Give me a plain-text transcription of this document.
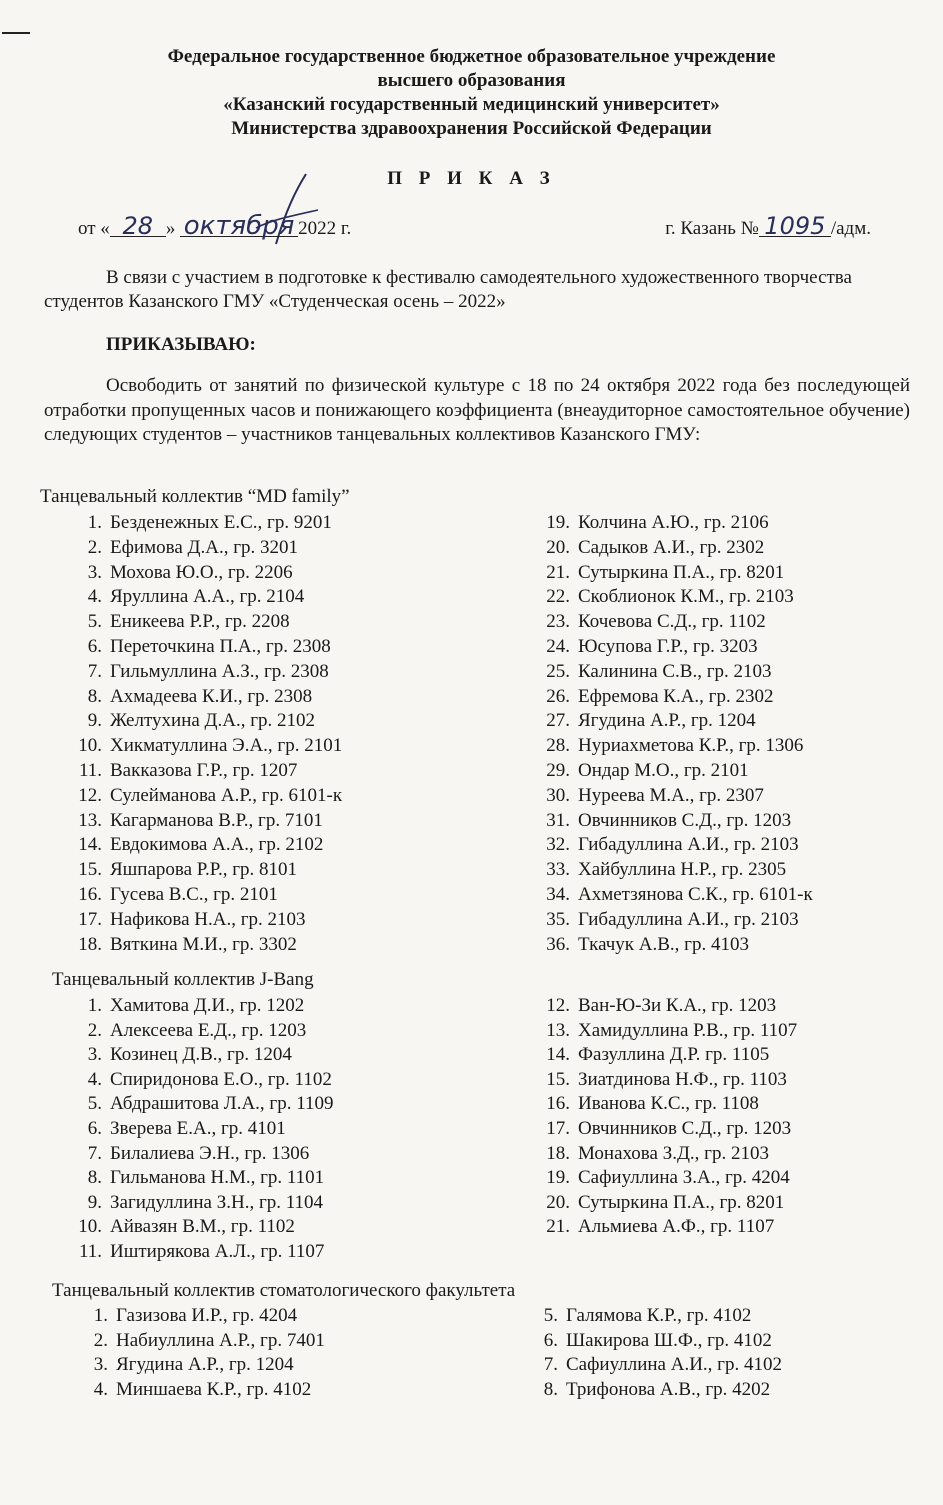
Федеральное государственное бюджетное образовательное учреждение
высшего образования
«Казанский государственный медицинский университет»
Министерства здравоохранения Российской Федерации
П Р И К А З
от « 28 » октября 2022 г.	г. Казань № 1095 /адм.

В связи с участием в подготовке к фестивалю самодеятельного художественного творчества студентов Казанского ГМУ «Студенческая осень – 2022»

ПРИКАЗЫВАЮ:

Освободить от занятий по физической культуре с 18 по 24 октября 2022 года без последующей отработки пропущенных часов и понижающего коэффициента (внеаудиторное самостоятельное обучение) следующих студентов – участников танцевальных коллективов Казанского ГМУ:

Танцевальный коллектив “MD family”
1. Безденежных Е.С., гр. 9201
2. Ефимова Д.А., гр. 3201
3. Мохова Ю.О., гр. 2206
4. Яруллина А.А., гр. 2104
5. Еникеева Р.Р., гр. 2208
6. Переточкина П.А., гр. 2308
7. Гильмуллина А.З., гр. 2308
8. Ахмадеева К.И., гр. 2308
9. Желтухина Д.А., гр. 2102
10. Хикматуллина Э.А., гр. 2101
11. Вакказова Г.Р., гр. 1207
12. Сулейманова А.Р., гр. 6101-к
13. Кагарманова В.Р., гр. 7101
14. Евдокимова А.А., гр. 2102
15. Яшпарова Р.Р., гр. 8101
16. Гусева В.С., гр. 2101
17. Нафикова Н.А., гр. 2103
18. Вяткина М.И., гр. 3302
19. Колчина А.Ю., гр. 2106
20. Садыков А.И., гр. 2302
21. Сутыркина П.А., гр. 8201
22. Скоблионок К.М., гр. 2103
23. Кочевова С.Д., гр. 1102
24. Юсупова Г.Р., гр. 3203
25. Калинина С.В., гр. 2103
26. Ефремова К.А., гр. 2302
27. Ягудина А.Р., гр. 1204
28. Нуриахметова К.Р., гр. 1306
29. Ондар М.О., гр. 2101
30. Нуреева М.А., гр. 2307
31. Овчинников С.Д., гр. 1203
32. Гибадуллина А.И., гр. 2103
33. Хайбуллина Н.Р., гр. 2305
34. Ахметзянова С.К., гр. 6101-к
35. Гибадуллина А.И., гр. 2103
36. Ткачук А.В., гр. 4103
Танцевальный коллектив J-Bang
1. Хамитова Д.И., гр. 1202
2. Алексеева Е.Д., гр. 1203
3. Козинец Д.В., гр. 1204
4. Спиридонова Е.О., гр. 1102
5. Абдрашитова Л.А., гр. 1109
6. Зверева Е.А., гр. 4101
7. Билалиева Э.Н., гр. 1306
8. Гильманова Н.М., гр. 1101
9. Загидуллина З.Н., гр. 1104
10. Айвазян В.М., гр. 1102
11. Иштирякова А.Л., гр. 1107
12. Ван-Ю-Зи К.А., гр. 1203
13. Хамидуллина Р.В., гр. 1107
14. Фазуллина Д.Р. гр. 1105
15. Зиатдинова Н.Ф., гр. 1103
16. Иванова К.С., гр. 1108
17. Овчинников С.Д., гр. 1203
18. Монахова З.Д., гр. 2103
19. Сафиуллина З.А., гр. 4204
20. Сутыркина П.А., гр. 8201
21. Альмиева А.Ф., гр. 1107
Танцевальный коллектив стоматологического факультета
1. Газизова И.Р., гр. 4204
2. Набиуллина А.Р., гр. 7401
3. Ягудина А.Р., гр. 1204
4. Миншаева К.Р., гр. 4102
5. Галямова К.Р., гр. 4102
6. Шакирова Ш.Ф., гр. 4102
7. Сафиуллина А.И., гр. 4102
8. Трифонова А.В., гр. 4202
